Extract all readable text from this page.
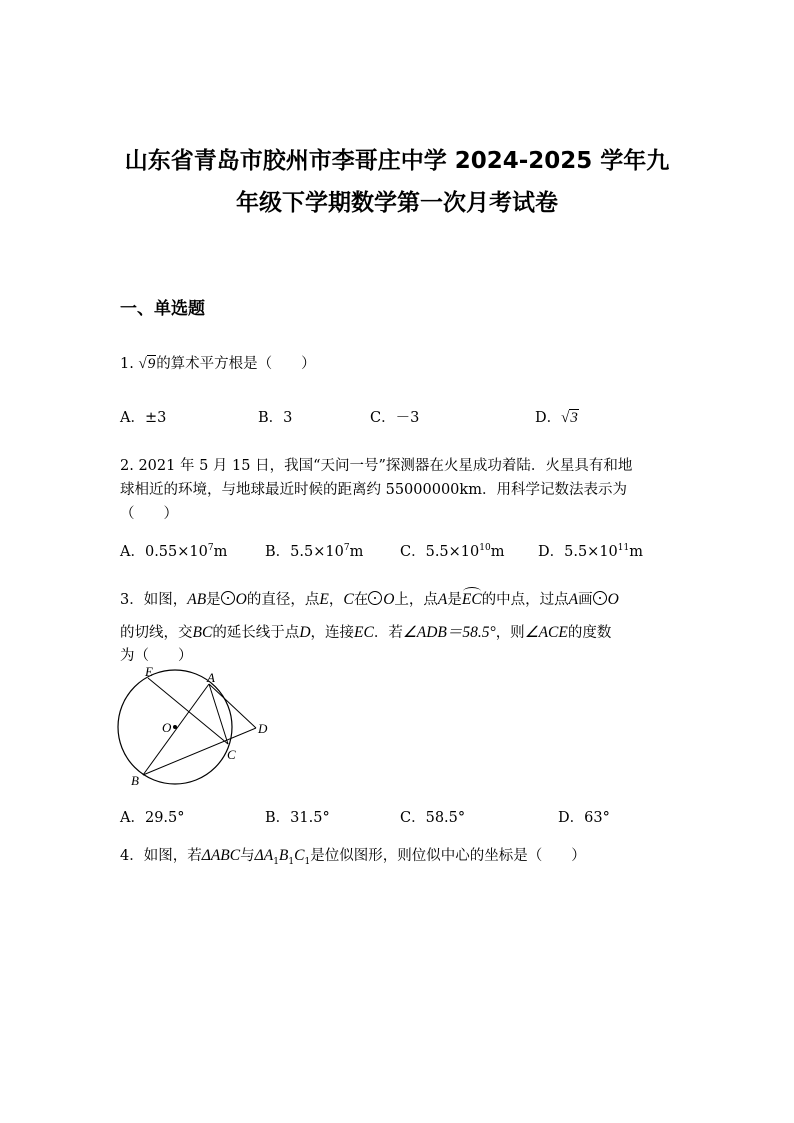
山东省青岛市胶州市李哥庄中学 2024-2025 学年九
年级下学期数学第一次月考试卷
一、单选题
1. √9的算术平方根是（　　）
A．±3	B．3	C．－3	D．√3
2. 2021 年 5 月 15 日，我国“天问一号”探测器在火星成功着陆．火星具有和地
球相近的环境，与地球最近时候的距离约 55000000km．用科学记数法表示为
（　　）
A．$0.55\times 10^7m$	B．$5.5\times 10^7m$	C．$5.5\times 10^{10}m$ D．$5.5\times 10^{11}m$
3．如图，AB是 O的直径，点E，C在 O上，点A是EC的中点，过点A画 O
的切线，交BC的延长线于点D，连接EC．若∠ADB＝58.5°，则∠ACE的度数
为（　　）
E	A
O	D
C
B
A．29.5°	B．31.5°	C．58.5°	D．63°
4．如图，若ΔABC与$\Delta A_1B_1C_1$是位似图形，则位似中心的坐标是（　　）
